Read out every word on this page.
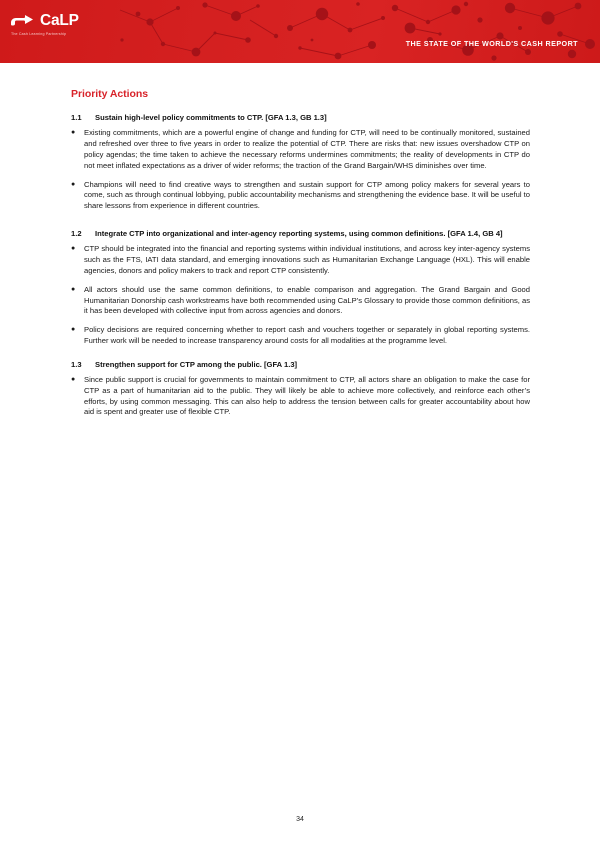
CaLP
The Cash Learning Partnership
THE STATE OF THE WORLD'S CASH REPORT
Priority Actions
1.1	Sustain high-level policy commitments to CTP. [GFA 1.3, GB 1.3]
●	Existing commitments, which are a powerful engine of change and funding for CTP, will need to be continually monitored, sustained and refreshed over three to five years in order to realize the potential of CTP. There are risks that: new issues overshadow CTP on policy agendas; the time taken to achieve the necessary reforms undermines commitments; the reality of developments in CTP do not meet inflated expectations as a driver of wider reforms; the traction of the Grand Bargain/WHS diminishes over time.
●	Champions will need to find creative ways to strengthen and sustain support for CTP among policy makers for several years to come, such as through continual lobbying, public accountability mechanisms and strengthening the evidence base. It will be useful to share lessons from experience in different countries.
1.2	Integrate CTP into organizational and inter-agency reporting systems, using common definitions. [GFA 1.4, GB 4]
●	CTP should be integrated into the financial and reporting systems within individual institutions, and across key inter-agency systems such as the FTS, IATI data standard, and emerging innovations such as Humanitarian Exchange Language (HXL). This will enable agencies, donors and policy makers to track and report CTP consistently.
●	All actors should use the same common definitions, to enable comparison and aggregation. The Grand Bargain and Good Humanitarian Donorship cash workstreams have both recommended using CaLP’s Glossary to provide those common definitions, as it has been developed with collective input from across agencies and donors.
●	Policy decisions are required concerning whether to report cash and vouchers together or separately in global reporting systems. Further work will be needed to increase transparency around costs for all modalities at the programme level.
1.3	Strengthen support for CTP among the public. [GFA 1.3]
●	Since public support is crucial for governments to maintain commitment to CTP, all actors share an obligation to make the case for CTP as a part of humanitarian aid to the public. They will likely be able to achieve more collectively, and reinforce each other’s efforts, by using common messaging. This can also help to address the tension between calls for greater accountability about how aid is spent and greater use of flexible CTP.
34
